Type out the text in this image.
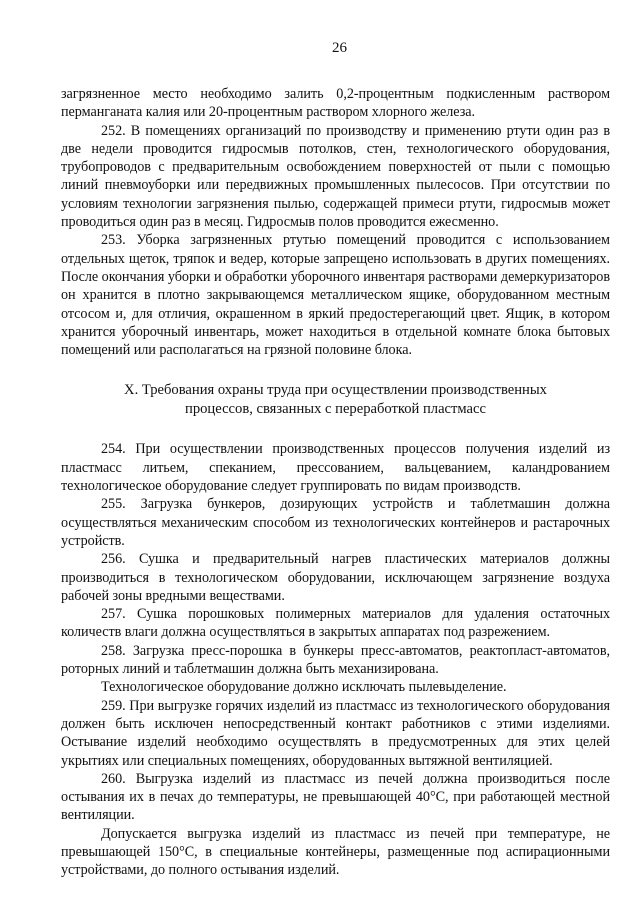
26

загрязненное место необходимо залить 0,2-процентным подкисленным раствором перманганата калия или 20-процентным раствором хлорного железа.

252. В помещениях организаций по производству и применению ртути один раз в две недели проводится гидросмыв потолков, стен, технологического оборудования, трубопроводов с предварительным освобождением поверхностей от пыли с помощью линий пневмоуборки или передвижных промышленных пылесосов. При отсутствии по условиям технологии загрязнения пылью, содержащей примеси ртути, гидросмыв может проводиться один раз в месяц. Гидросмыв полов проводится ежесменно.

253. Уборка загрязненных ртутью помещений проводится с использованием отдельных щеток, тряпок и ведер, которые запрещено использовать в других помещениях. После окончания уборки и обработки уборочного инвентаря растворами демеркуризаторов он хранится в плотно закрывающемся металлическом ящике, оборудованном местным отсосом и, для отличия, окрашенном в яркий предостерегающий цвет. Ящик, в котором хранится уборочный инвентарь, может находиться в отдельной комнате блока бытовых помещений или располагаться на грязной половине блока.

X. Требования охраны труда при осуществлении производственных
процессов, связанных с переработкой пластмасс

254. При осуществлении производственных процессов получения изделий из пластмасс литьем, спеканием, прессованием, вальцеванием, каландрованием технологическое оборудование следует группировать по видам производств.

255. Загрузка бункеров, дозирующих устройств и таблетмашин должна осуществляться механическим способом из технологических контейнеров и растарочных устройств.

256. Сушка и предварительный нагрев пластических материалов должны производиться в технологическом оборудовании, исключающем загрязнение воздуха рабочей зоны вредными веществами.

257. Сушка порошковых полимерных материалов для удаления остаточных количеств влаги должна осуществляться в закрытых аппаратах под разрежением.

258. Загрузка пресс-порошка в бункеры пресс-автоматов, реактопласт-автоматов, роторных линий и таблетмашин должна быть механизирована.

Технологическое оборудование должно исключать пылевыделение.

259. При выгрузке горячих изделий из пластмасс из технологического оборудования должен быть исключен непосредственный контакт работников с этими изделиями. Остывание изделий необходимо осуществлять в предусмотренных для этих целей укрытиях или специальных помещениях, оборудованных вытяжной вентиляцией.

260. Выгрузка изделий из пластмасс из печей должна производиться после остывания их в печах до температуры, не превышающей 40°С, при работающей местной вентиляции.

Допускается выгрузка изделий из пластмасс из печей при температуре, не превышающей 150°С, в специальные контейнеры, размещенные под аспирационными устройствами, до полного остывания изделий.
